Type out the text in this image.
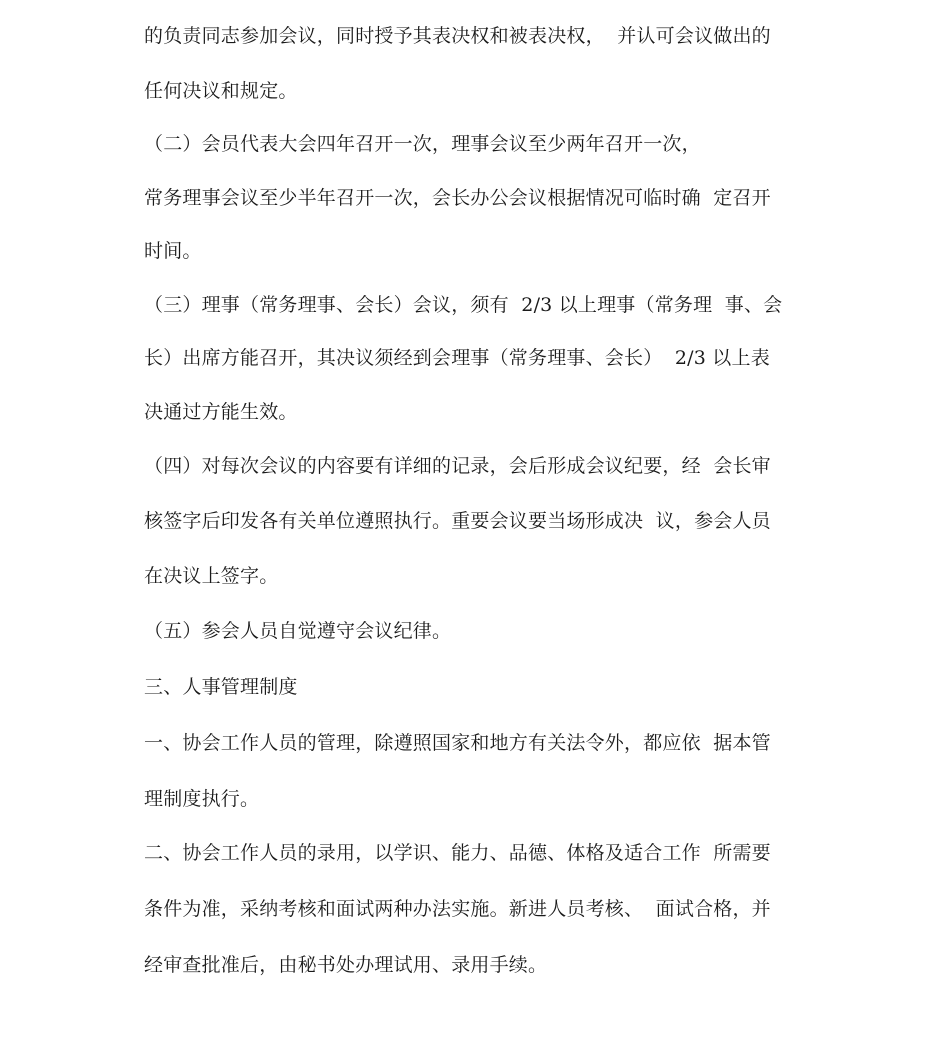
的负责同志参加会议，同时授予其表决权和被表决权，  并认可会议做出的
任何决议和规定。
（二）会员代表大会四年召开一次，理事会议至少两年召开一次，
常务理事会议至少半年召开一次，会长办公会议根据情况可临时确  定召开
时间。
（三）理事（常务理事、会长）会议，须有  2/3 以上理事（常务理  事、会
长）出席方能召开，其决议须经到会理事（常务理事、会长）  2/3 以上表
决通过方能生效。
（四）对每次会议的内容要有详细的记录，会后形成会议纪要，经  会长审
核签字后印发各有关单位遵照执行。重要会议要当场形成决  议，参会人员
在决议上签字。
（五）参会人员自觉遵守会议纪律。
三、人事管理制度
一、协会工作人员的管理，除遵照国家和地方有关法令外，都应依  据本管
理制度执行。
二、协会工作人员的录用，以学识、能力、品德、体格及适合工作  所需要
条件为准，采纳考核和面试两种办法实施。新进人员考核、  面试合格，并
经审查批准后，由秘书处办理试用、录用手续。
